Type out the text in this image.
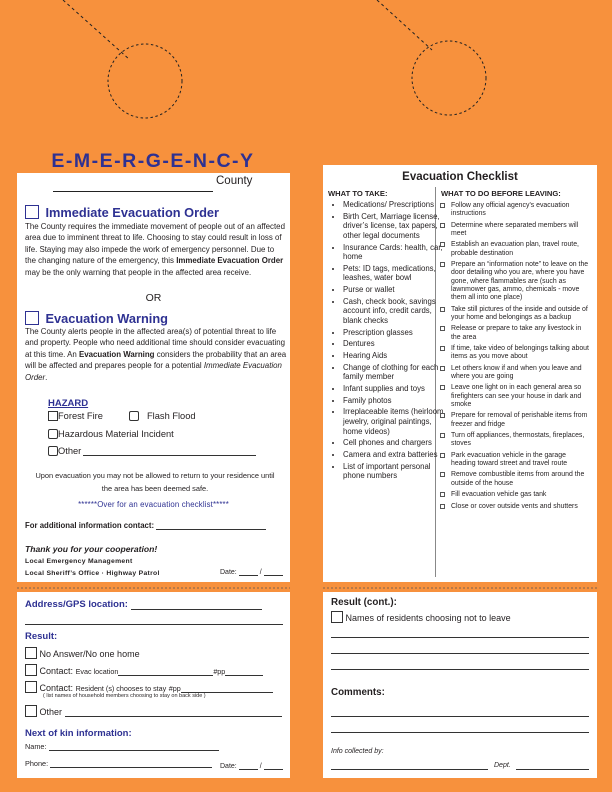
E-M-E-R-G-E-N-C-Y
County
Immediate Evacuation Order
The County requires the immediate movement of people out of an affected area due to imminent threat to life. Choosing to stay could result in loss of life. Staying may also impede the work of emergency personnel. Due to the changing nature of the emergency, this Immediate Evacuation Order may be the only warning that people in the affected area receive.
OR
Evacuation Warning
The County alerts people in the affected area(s) of potential threat to life and property. People who need additional time should consider evacuating at this time. An Evacuation Warning considers the probability that an area will be affected and prepares people for a potential Immediate Evacuation Order.
HAZARD
Forest Fire	Flash Flood
Hazardous Material Incident
Other
Upon evacuation you may not be allowed to return to your residence until the area has been deemed safe.
******Over for an evacuation checklist*****
For additional information contact:
Thank you for your cooperation!
Local Emergency Management
Local Sheriff’s Office · Highway Patrol	Date:	/
Evacuation Checklist
WHAT TO TAKE:	WHAT TO DO BEFORE LEAVING:
• Medications/ Prescriptions
• Birth Cert, Marriage license, driver’s license, tax papers, other legal documents
• Insurance Cards: health, car, home
• Pets: ID tags, medications, leashes, water bowl
• Purse or wallet
• Cash, check book, savings account info, credit cards, blank checks
• Prescription glasses
• Dentures
• Hearing Aids
• Change of clothing for each family member
• Infant supplies and toys
• Family photos
• Irreplaceable items (heirloom jewelry, original paintings, home videos)
• Cell phones and chargers
• Camera and extra batteries
• List of important personal phone numbers
Follow any official agency’s evacuation instructions
Determine where separated members will meet
Establish an evacuation plan, travel route, probable destination
Prepare an “information note” to leave on the door detailing who you are, where you have gone, where flammables are (such as lawnmower gas, ammo, chemicals - move them all into one place)
Take still pictures of the inside and outside of your home and belongings as a backup
Release or prepare to take any livestock in the area
If time, take video of belongings talking about items as you move about
Let others know if and when you leave and where you are going
Leave one light on in each general area so firefighters can see your house in dark and smoke
Prepare for removal of perishable items from freezer and fridge
Turn off appliances, thermostats, fireplaces, stoves
Park evacuation vehicle in the garage heading toward street and travel route
Remove combustible items from around the outside of the house
Fill evacuation vehicle gas tank
Close or cover outside vents and shutters
Address/GPS location:
Result:
No Answer/No one home
Contact: Evac location	#pp
Contact: Resident (s) chooses to stay #pp
( list names of household members choosing to stay on back side )
Other
Next of kin information:
Name:
Phone:	Date:	/
Result (cont.):
Names of residents choosing not to leave
Comments:
Info collected by:
Dept.
